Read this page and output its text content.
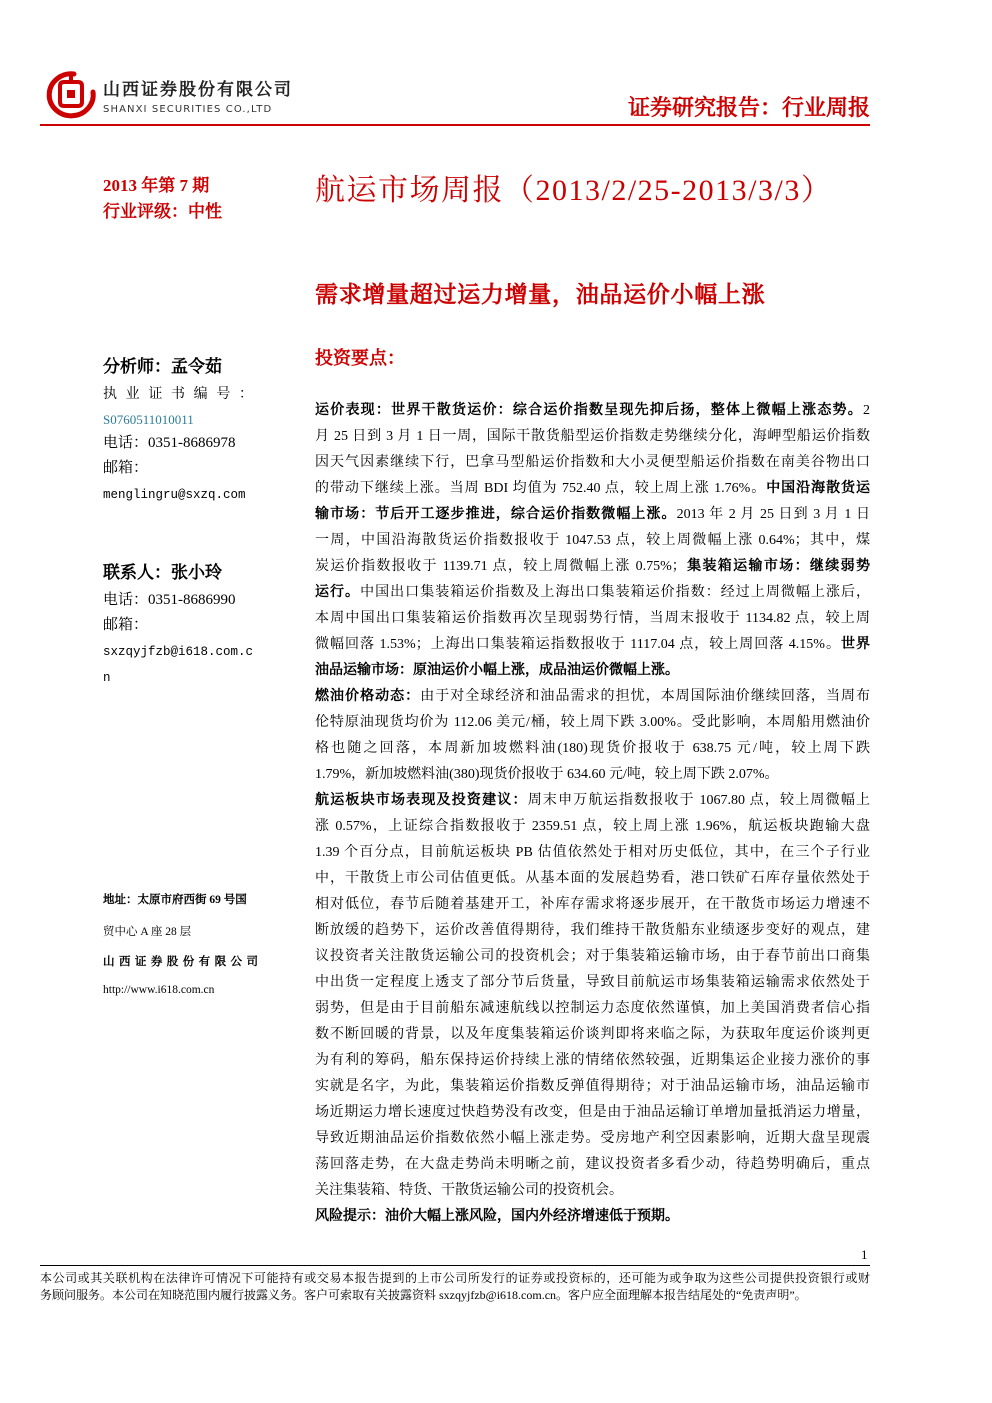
山西证券股份有限公司
SHANXI SECURITIES CO.,LTD	证券研究报告：行业周报
2013 年第 7 期
行业评级：中性
航运市场周报（2013/2/25-2013/3/3）
需求增量超过运力增量，油品运价小幅上涨
投资要点：
分析师：孟令茹
执 业 证 书 编 号 ：
S0760511010011
电话：0351-8686978
邮箱：
menglingru@sxzq.com
联系人：张小玲
电话：0351-8686990
邮箱：
sxzqyjfzb@i618.com.c
n
地址：太原市府西街 69 号国
贸中心 A 座 28 层
山 西 证 券 股 份 有 限 公 司
http://www.i618.com.cn
运价表现：世界干散货运价：综合运价指数呈现先抑后扬，整体上微幅上涨态势。2
月 25 日到 3 月 1 日一周，国际干散货船型运价指数走势继续分化，海岬型船运价指数
因天气因素继续下行，巴拿马型船运价指数和大小灵便型船运价指数在南美谷物出口
的带动下继续上涨。当周 BDI 均值为 752.40 点，较上周上涨 1.76%。中国沿海散货运
输市场：节后开工逐步推进，综合运价指数微幅上涨。2013 年 2 月 25 日到 3 月 1 日
一周，中国沿海散货运价指数报收于 1047.53 点，较上周微幅上涨 0.64%；其中，煤
炭运价指数报收于 1139.71 点，较上周微幅上涨 0.75%；集装箱运输市场：继续弱势
运行。中国出口集装箱运价指数及上海出口集装箱运价指数：经过上周微幅上涨后，
本周中国出口集装箱运价指数再次呈现弱势行情，当周末报收于 1134.82 点，较上周
微幅回落 1.53%；上海出口集装箱运指数报收于 1117.04 点，较上周回落 4.15%。世界
油品运输市场：原油运价小幅上涨，成品油运价微幅上涨。
燃油价格动态：由于对全球经济和油品需求的担忧，本周国际油价继续回落，当周布
伦特原油现货均价为 112.06 美元/桶，较上周下跌 3.00%。受此影响，本周船用燃油价
格也随之回落，本周新加坡燃料油(180)现货价报收于 638.75 元/吨，较上周下跌
1.79%，新加坡燃料油(380)现货价报收于 634.60 元/吨，较上周下跌 2.07%。
航运板块市场表现及投资建议：周末申万航运指数报收于 1067.80 点，较上周微幅上
涨 0.57%，上证综合指数报收于 2359.51 点，较上周上涨 1.96%，航运板块跑输大盘
1.39 个百分点，目前航运板块 PB 估值依然处于相对历史低位，其中，在三个子行业
中，干散货上市公司估值更低。从基本面的发展趋势看，港口铁矿石库存量依然处于
相对低位，春节后随着基建开工，补库存需求将逐步展开，在干散货市场运力增速不
断放缓的趋势下，运价改善值得期待，我们维持干散货船东业绩逐步变好的观点，建
议投资者关注散货运输公司的投资机会；对于集装箱运输市场，由于春节前出口商集
中出货一定程度上透支了部分节后货量，导致目前航运市场集装箱运输需求依然处于
弱势，但是由于目前船东减速航线以控制运力态度依然谨慎，加上美国消费者信心指
数不断回暖的背景，以及年度集装箱运价谈判即将来临之际，为获取年度运价谈判更
为有利的筹码，船东保持运价持续上涨的情绪依然较强，近期集运企业接力涨价的事
实就是名字，为此，集装箱运价指数反弹值得期待；对于油品运输市场，油品运输市
场近期运力增长速度过快趋势没有改变，但是由于油品运输订单增加量抵消运力增量，
导致近期油品运价指数依然小幅上涨走势。受房地产利空因素影响，近期大盘呈现震
荡回落走势，在大盘走势尚未明晰之前，建议投资者多看少动，待趋势明确后，重点
关注集装箱、特货、干散货运输公司的投资机会。
风险提示：油价大幅上涨风险，国内外经济增速低于预期。
1
本公司或其关联机构在法律许可情况下可能持有或交易本报告提到的上市公司所发行的证券或投资标的，还可能为或争取为这些公司提供投资银行或财
务顾问服务。本公司在知晓范围内履行披露义务。客户可索取有关披露资料 sxzqyjfzb@i618.com.cn。客户应全面理解本报告结尾处的“免责声明”。
